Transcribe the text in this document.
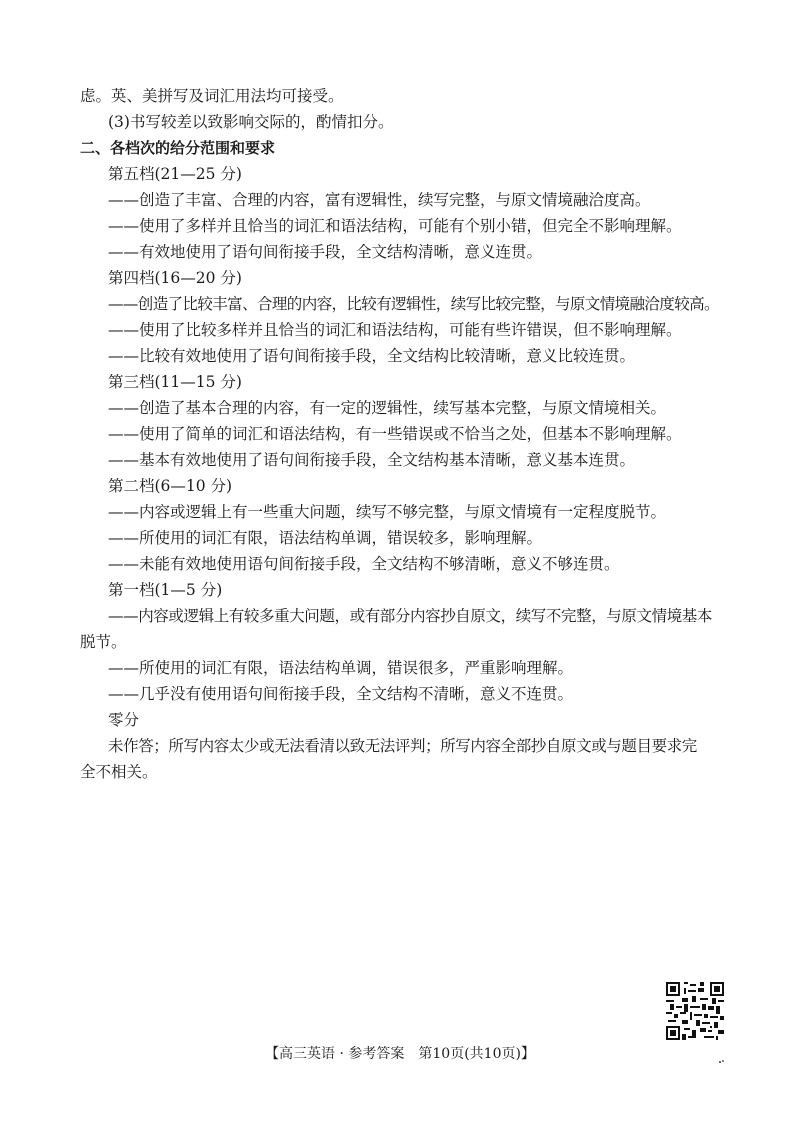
虑。英、美拼写及词汇用法均可接受。
(3)书写较差以致影响交际的，酌情扣分。
二、各档次的给分范围和要求
第五档(21—25 分)
——创造了丰富、合理的内容，富有逻辑性，续写完整，与原文情境融洽度高。
——使用了多样并且恰当的词汇和语法结构，可能有个别小错，但完全不影响理解。
——有效地使用了语句间衔接手段，全文结构清晰，意义连贯。
第四档(16—20 分)
——创造了比较丰富、合理的内容，比较有逻辑性，续写比较完整，与原文情境融洽度较高。
——使用了比较多样并且恰当的词汇和语法结构，可能有些许错误，但不影响理解。
——比较有效地使用了语句间衔接手段，全文结构比较清晰，意义比较连贯。
第三档(11—15 分)
——创造了基本合理的内容，有一定的逻辑性，续写基本完整，与原文情境相关。
——使用了简单的词汇和语法结构，有一些错误或不恰当之处，但基本不影响理解。
——基本有效地使用了语句间衔接手段，全文结构基本清晰，意义基本连贯。
第二档(6—10 分)
——内容或逻辑上有一些重大问题，续写不够完整，与原文情境有一定程度脱节。
——所使用的词汇有限，语法结构单调，错误较多，影响理解。
——未能有效地使用语句间衔接手段，全文结构不够清晰，意义不够连贯。
第一档(1—5 分)
——内容或逻辑上有较多重大问题，或有部分内容抄自原文，续写不完整，与原文情境基本
脱节。
——所使用的词汇有限，语法结构单调，错误很多，严重影响理解。
——几乎没有使用语句间衔接手段，全文结构不清晰，意义不连贯。
零分
未作答；所写内容太少或无法看清以致无法评判；所写内容全部抄自原文或与题目要求完
全不相关。
【高三英语 · 参考答案　第10页(共10页)】
